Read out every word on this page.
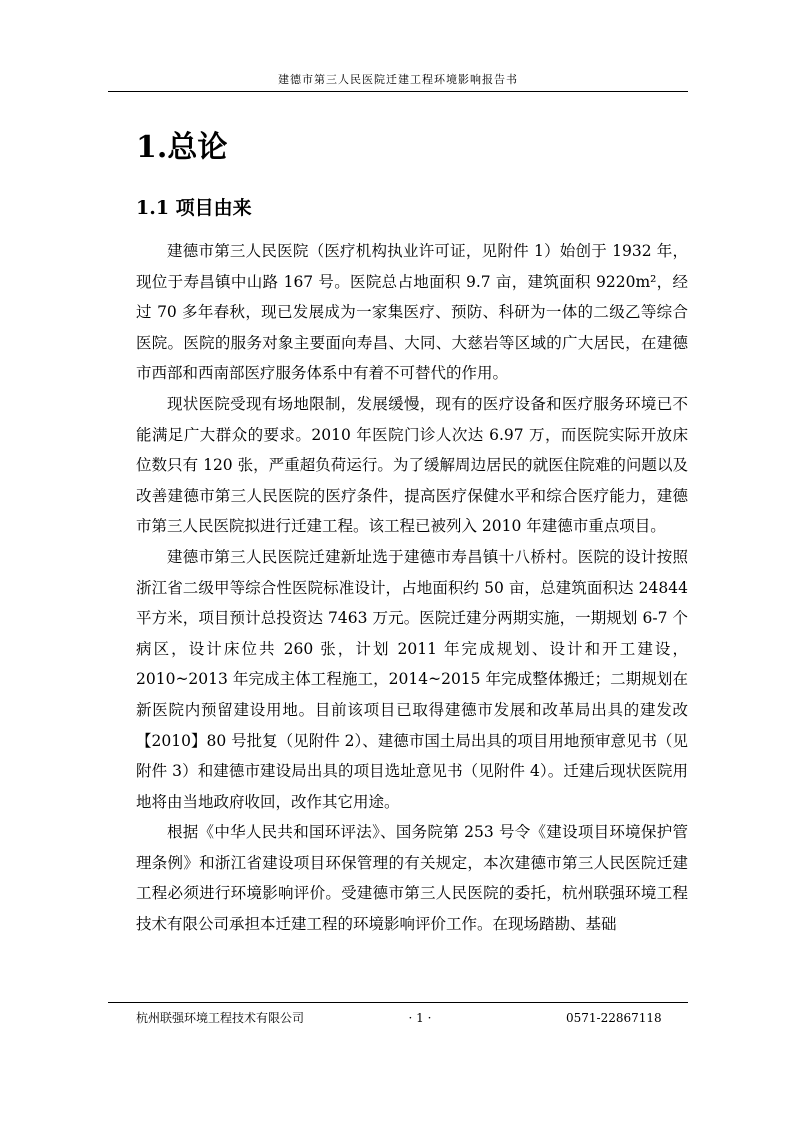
建德市第三人民医院迁建工程环境影响报告书
1.总论
1.1 项目由来

建德市第三人民医院（医疗机构执业许可证，见附件 1）始创于 1932 年，现位于寿昌镇中山路 167 号。医院总占地面积 9.7 亩，建筑面积 9220m²，经过 70 多年春秋，现已发展成为一家集医疗、预防、科研为一体的二级乙等综合医院。医院的服务对象主要面向寿昌、大同、大慈岩等区域的广大居民，在建德市西部和西南部医疗服务体系中有着不可替代的作用。

现状医院受现有场地限制，发展缓慢，现有的医疗设备和医疗服务环境已不能满足广大群众的要求。2010 年医院门诊人次达 6.97 万，而医院实际开放床位数只有 120 张，严重超负荷运行。为了缓解周边居民的就医住院难的问题以及改善建德市第三人民医院的医疗条件，提高医疗保健水平和综合医疗能力，建德市第三人民医院拟进行迁建工程。该工程已被列入 2010 年建德市重点项目。

建德市第三人民医院迁建新址选于建德市寿昌镇十八桥村。医院的设计按照浙江省二级甲等综合性医院标准设计，占地面积约 50 亩，总建筑面积达 24844 平方米，项目预计总投资达 7463 万元。医院迁建分两期实施，一期规划 6-7 个病区，设计床位共 260 张，计划 2011 年完成规划、设计和开工建设，2010~2013 年完成主体工程施工，2014~2015 年完成整体搬迁；二期规划在新医院内预留建设用地。目前该项目已取得建德市发展和改革局出具的建发改【2010】80 号批复（见附件 2）、建德市国土局出具的项目用地预审意见书（见附件 3）和建德市建设局出具的项目选址意见书（见附件 4）。迁建后现状医院用地将由当地政府收回，改作其它用途。

根据《中华人民共和国环评法》、国务院第 253 号令《建设项目环境保护管理条例》和浙江省建设项目环保管理的有关规定，本次建德市第三人民医院迁建工程必须进行环境影响评价。受建德市第三人民医院的委托，杭州联强环境工程技术有限公司承担本迁建工程的环境影响评价工作。在现场踏勘、基础

杭州联强环境工程技术有限公司	· 1 ·	0571-22867118
